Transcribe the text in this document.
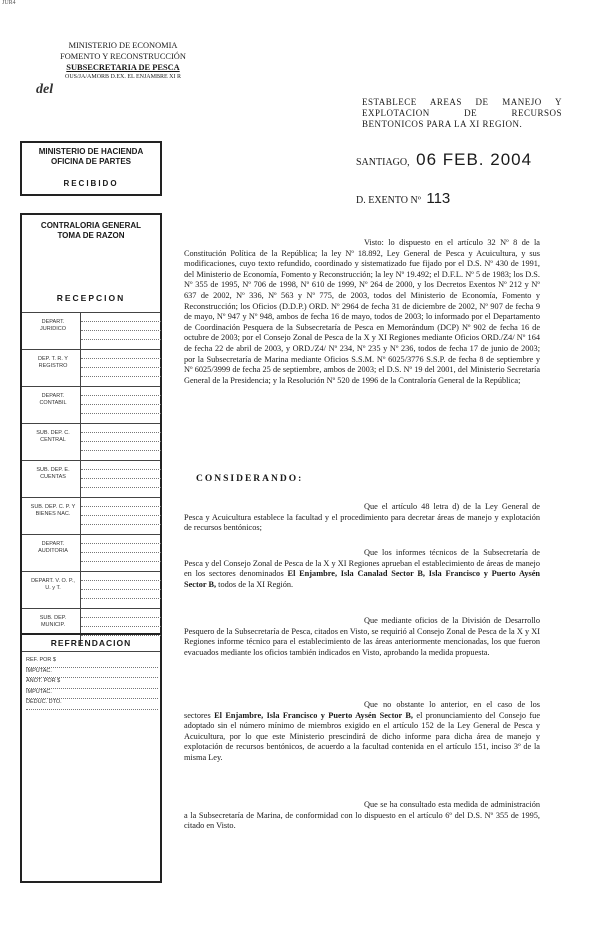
JUR4
MINISTERIO DE ECONOMIA
FOMENTO Y RECONSTRUCCIÓN
SUBSECRETARIA DE PESCA
OUS/JA/AMORB D.EX. EL ENJAMBRE XI R
del
ESTABLECE AREAS DE MANEJO Y EXPLOTACION DE RECURSOS BENTONICOS PARA LA XI REGION.
SANTIAGO, 06 FEB. 2004
D. EXENTO Nº 113
MINISTERIO DE HACIENDA
OFICINA DE PARTES
RECIBIDO
CONTRALORIA GENERAL
TOMA DE RAZON
RECEPCION
DEPART. JURIDICO
DEP. T. R. Y REGISTRO
DEPART. CONTABIL
SUB. DEP. C. CENTRAL
SUB. DEP. E. CUENTAS
SUB. DEP. C. P. Y BIENES NAC.
DEPART. AUDITORIA
DEPART. V. O. P., U. y T.
SUB. DEP. MUNICIP.
REFRENDACION
REF. POR $
IMPUTAC.
ANOT. POR $
IMPUTAC.
DEDUC. DTO.
Visto: lo dispuesto en el artículo 32 Nº 8 de la Constitución Política de la República; la ley Nº 18.892, Ley General de Pesca y Acuicultura, y sus modificaciones, cuyo texto refundido, coordinado y sistematizado fue fijado por el D.S. Nº 430 de 1991, del Ministerio de Economía, Fomento y Reconstrucción; la ley Nº 19.492; el D.F.L. Nº 5 de 1983; los D.S. Nº 355 de 1995, Nº 706 de 1998, Nº 610 de 1999, Nº 264 de 2000, y los Decretos Exentos Nº 212 y Nº 637 de 2002, Nº 336, Nº 563 y Nº 775, de 2003, todos del Ministerio de Economía, Fomento y Reconstrucción; los Oficios (D.D.P.) ORD. Nº 2964 de fecha 31 de diciembre de 2002, Nº 907 de fecha 9 de mayo, Nº 947 y Nº 948, ambos de fecha 16 de mayo, todos de 2003; lo informado por el Departamento de Coordinación Pesquera de la Subsecretaría de Pesca en Memorándum (DCP) Nº 902 de fecha 16 de octubre de 2003; por el Consejo Zonal de Pesca de la X y XI Regiones mediante Oficios ORD./Z4/ Nº 164 de fecha 22 de abril de 2003, y ORD./Z4/ Nº 234, Nº 235 y Nº 236, todos de fecha 17 de junio de 2003; por la Subsecretaría de Marina mediante Oficios S.S.M. Nº 6025/3776 S.S.P. de fecha 8 de septiembre y Nº 6025/3999 de fecha 25 de septiembre, ambos de 2003; el D.S. Nº 19 del 2001, del Ministerio Secretaría General de la Presidencia; y la Resolución Nº 520 de 1996 de la Contraloría General de la República;
CONSIDERANDO:
Que el artículo 48 letra d) de la Ley General de Pesca y Acuicultura establece la facultad y el procedimiento para decretar áreas de manejo y explotación de recursos bentónicos;
Que los informes técnicos de la Subsecretaría de Pesca y del Consejo Zonal de Pesca de la X y XI Regiones aprueban el establecimiento de áreas de manejo en los sectores denominados El Enjambre, Isla Canalad Sector B, Isla Francisco y Puerto Aysén Sector B, todos de la XI Región.
Que mediante oficios de la División de Desarrollo Pesquero de la Subsecretaría de Pesca, citados en Visto, se requirió al Consejo Zonal de Pesca de la X y XI Regiones informe técnico para el establecimiento de las áreas anteriormente mencionadas, los que fueron evacuados mediante los oficios también indicados en Visto, aprobando la medida propuesta.
Que no obstante lo anterior, en el caso de los sectores El Enjambre, Isla Francisco y Puerto Aysén Sector B, el pronunciamiento del Consejo fue adoptado sin el número mínimo de miembros exigido en el artículo 152 de la Ley General de Pesca y Acuicultura, por lo que este Ministerio prescindirá de dicho informe para dicha área de manejo y explotación de recursos bentónicos, de acuerdo a la facultad contenida en el artículo 151, inciso 3º de la misma Ley.
Que se ha consultado esta medida de administración a la Subsecretaría de Marina, de conformidad con lo dispuesto en el artículo 6º del D.S. Nº 355 de 1995, citado en Visto.
